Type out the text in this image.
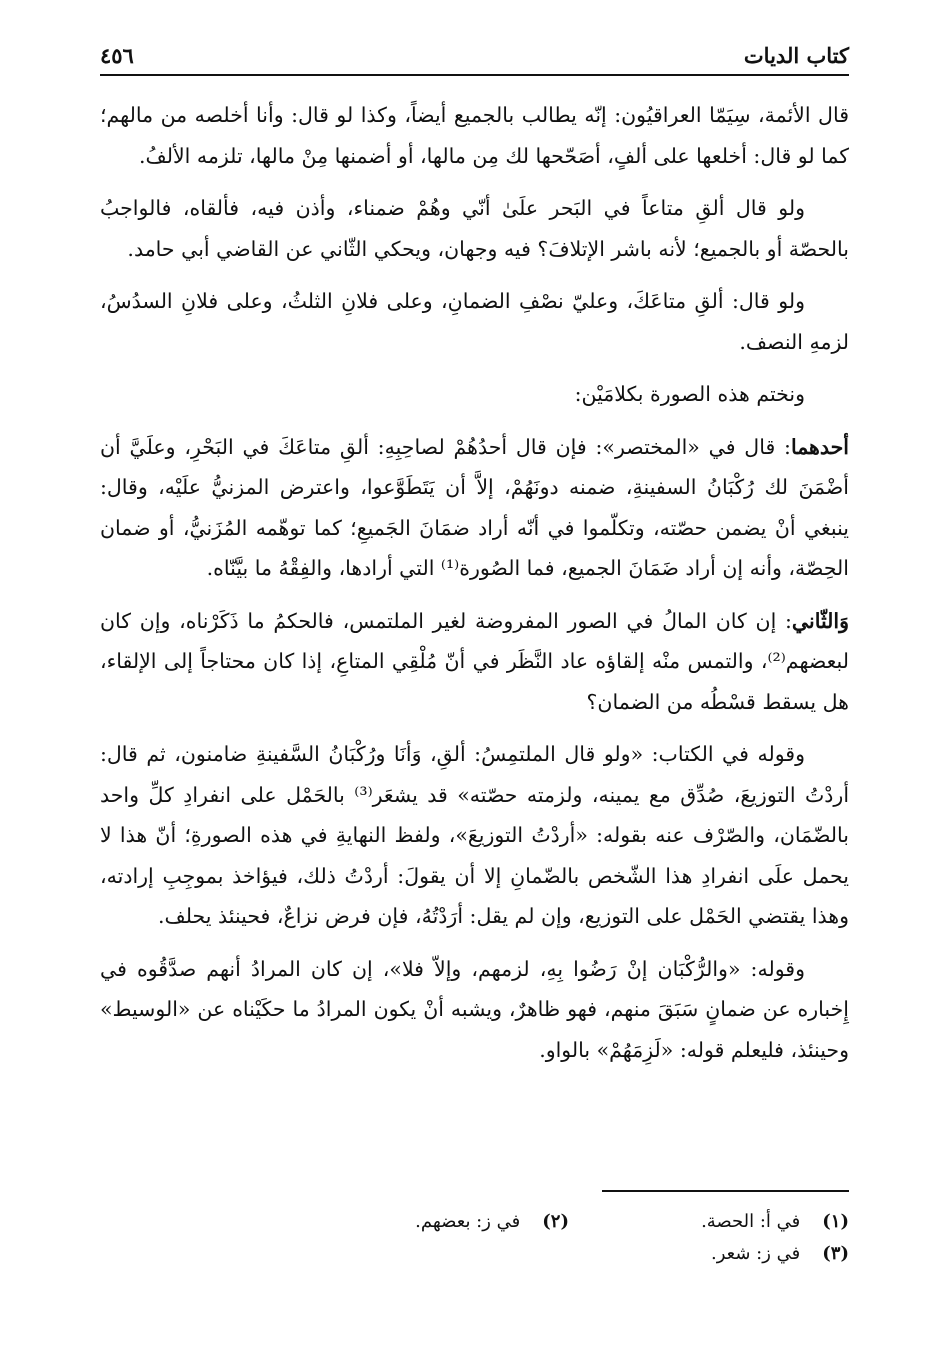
كتاب الديات
٤٥٦

قال الأئمة، سِيَمّا العراقيُون: إنّه يطالب بالجميع أيضاً، وكذا لو قال: وأنا أخلصه من مالهم؛ كما لو قال: أخلعها على ألفٍ، أصَحّحها لك مِن مالها، أو أضمنها مِنْ مالها، تلزمه الألفُ.

ولو قال ألقِ متاعاً في البَحر علَىٰ أنّي وهُمْ ضمناء، وأذن فيه، فألقاه، فالواجبُ بالحصّة أو بالجميع؛ لأنه باشر الإتلافَ؟ فيه وجهان، ويحكي الثّاني عن القاضي أبي حامد.

ولو قال: ألقِ متاعَكَ، وعليّ نصْفِ الضمانِ، وعلى فلانِ الثلثُ، وعلى فلانِ السدُسُ، لزمهِ النصف.

ونختم هذه الصورة بكلامَيْن:

أحدهما: قال في «المختصر»: فإن قال أحدُهُمْ لصاحِبِهِ: ألقِ متاعَكَ في البَحْرِ، وعلَيَّ أن أضْمَنَ لك رُكْبَانُ السفينةِ، ضمنه دونَهُمْ، إلاَّ أن يَتَطَوَّعوا، واعترض المزنيُّ علَيْه، وقال: ينبغي أنْ يضمن حصّته، وتكلّموا في أنّه أراد ضمَانَ الجَميعِ؛ كما توهّمه المُزَنيُّ، أو ضمان الحِصّة، وأنه إن أراد ضَمَانَ الجميع، فما الصُورة⁽¹⁾ التي أرادها، والفِقْهُ ما بيَّنّاه.

وَالثّاني: إن كان المالُ في الصور المفروضة لغير الملتمس، فالحكمُ ما ذَكَرْناه، وإن كان لبعضهم⁽²⁾، والتمس منْه إلقاؤه عاد النَّظَر في أنّ مُلْقِي المتاعِ، إذا كان محتاجاً إلى الإلقاء، هل يسقط قسْطُه من الضمان؟

وقوله في الكتاب: «ولو قال الملتمِسُ: ألقِ، وَأنَا ورُكْبَانُ السَّفينةِ ضامنون، ثم قال: أردْتُ التوزيعَ، صُدِّق مع يمينه، ولزمته حصّته» قد يشعَر⁽³⁾ بالحَمْل على انفرادِ كلِّ واحد بالضّمَان، والصّرْف عنه بقوله: «أردْتُ التوزيعَ»، ولفظ النهايةِ في هذه الصورةِ؛ أنّ هذا لا يحمل علَى انفرادِ هذا الشّخص بالضّمانِ إلا أن يقولَ: أردْتُ ذلك، فيؤاخذ بموجِبِ إرادته، وهذا يقتضي الحَمْل على التوزيع، وإن لم يقل: أرَدْتُهُ، فإن فرض نزاعٌ، فحينئذ يحلف.

وقوله: «والرُّكْبَان إنْ رَضُوا بِهِ، لزمهم، وإلاّ فلا»، إن كان المرادُ أنهم صدَّقُوه في إِخباره عن ضمانٍ سَبَقَ منهم، فهو ظاهرٌ، ويشبه أنْ يكون المرادُ ما حكَيْناه عن «الوسيط» وحينئذ، فليعلم قوله: «لَزِمَهُمْ» بالواو.

(١)في أ: الحصة.
(٢)في ز: بعضهم.
(٣)في ز: شعر.
